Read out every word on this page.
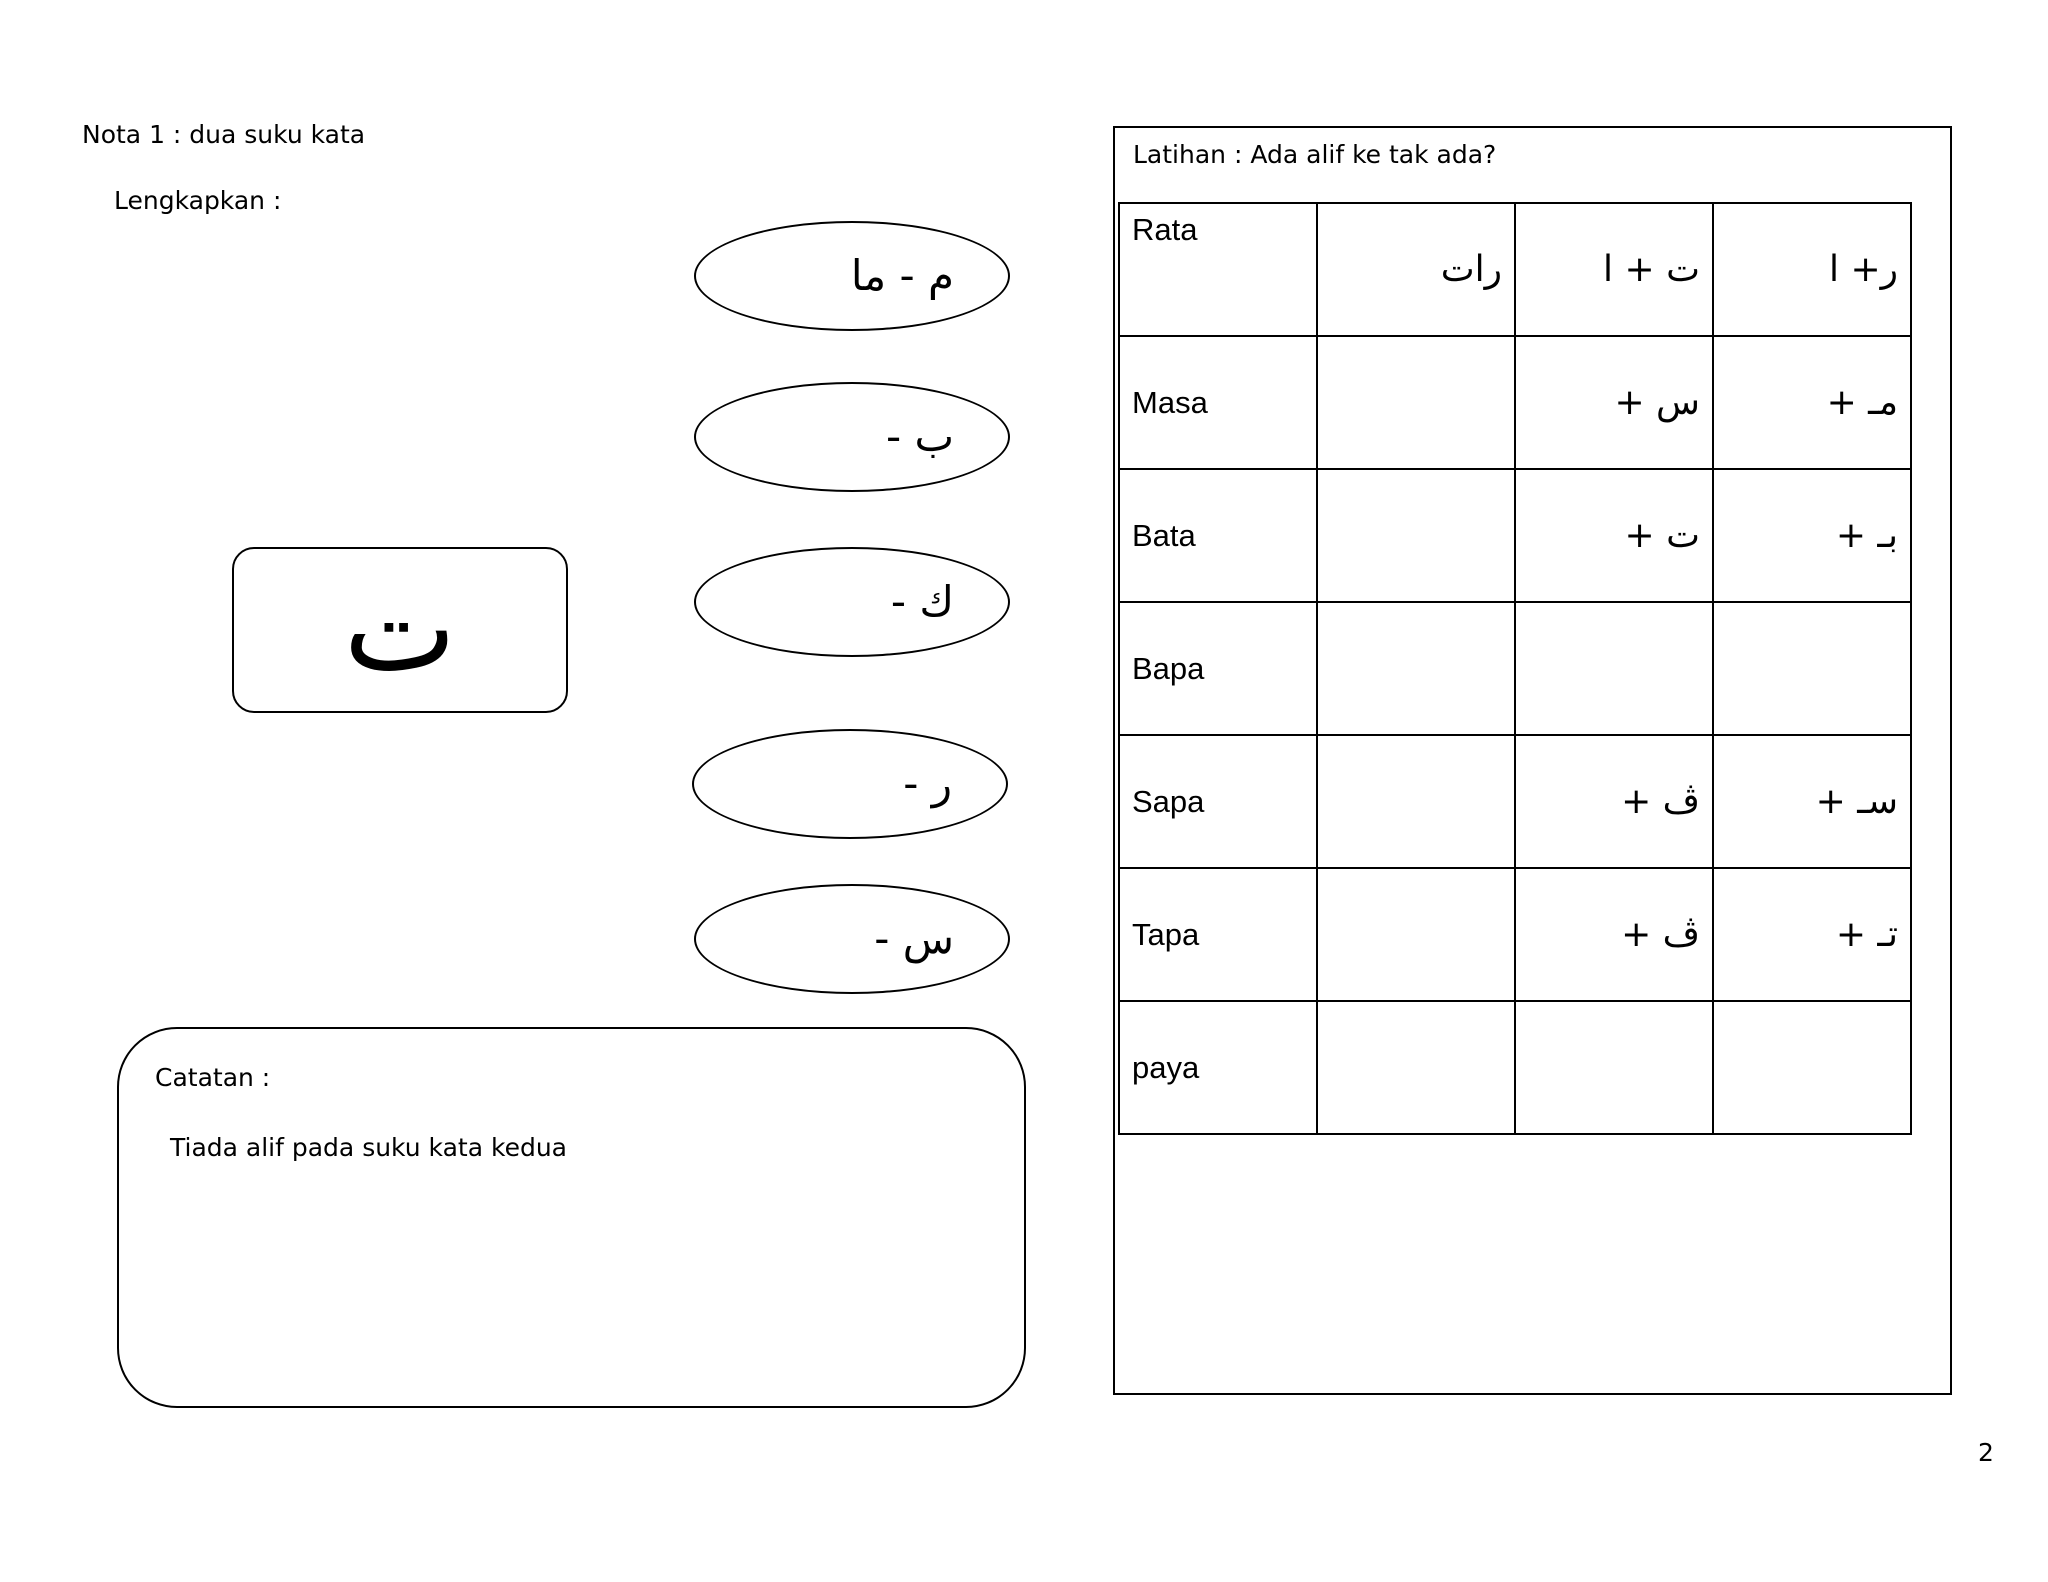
Nota 1 : dua suku kata
Lengkapkan :
ت
م - ما
ب -
ك -
ر -
س -
Catatan :
Tiada alif pada suku kata kedua
Latihan : Ada alif ke tak ada?
Rata	رات	ت + ا	ر+ ا
Masa		س +	مـ +
Bata		ت +	بـ +
Bapa			
Sapa		ڤ +	سـ +
Tapa		ڤ +	تـ +
paya			
2
